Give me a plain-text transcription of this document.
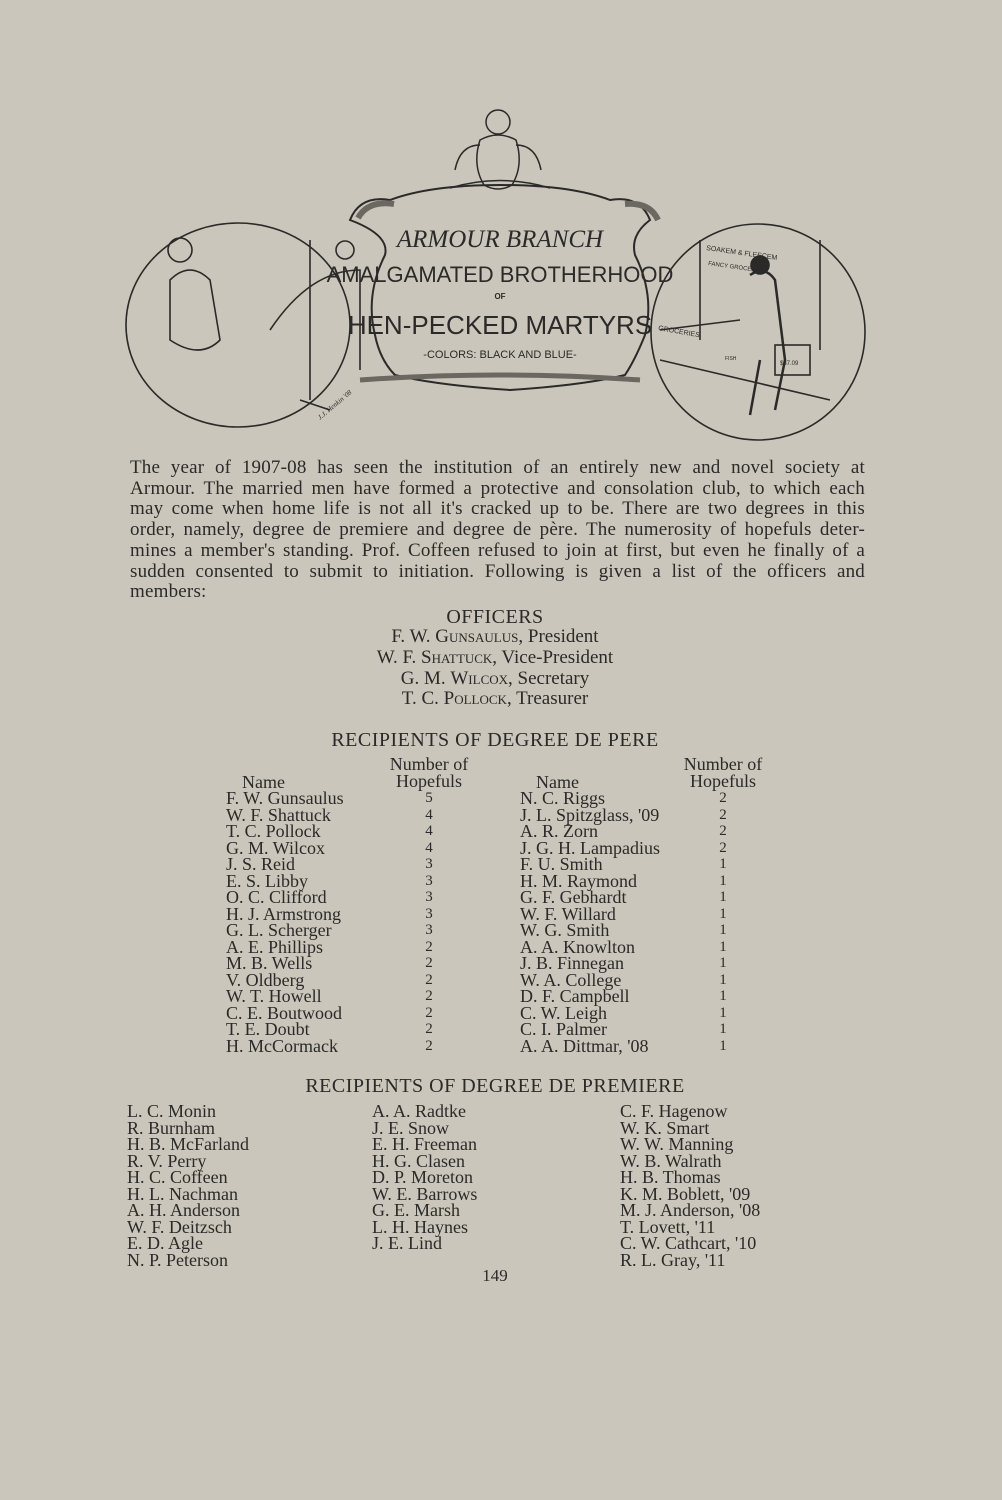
ARMOUR BRANCH
AMALGAMATED BROTHERHOOD
OF
HEN-PECKED MARTYRS
-COLORS: BLACK AND BLUE-
J.J. Henkin '08
SOAKEM & FLEECEM
FANCY GROCERIES
GROCERIES
$87.09
FISH
The year of 1907-08 has seen the institution of an entirely new and novel society at
Armour. The married men have formed a protective and consolation club, to which each
may come when home life is not all it's cracked up to be. There are two degrees in this
order, namely, degree de premiere and degree de père. The numerosity of hopefuls deter-
mines a member's standing. Prof. Coffeen refused to join at first, but even he finally of a
sudden consented to submit to initiation. Following is given a list of the officers and
members:
OFFICERS
F. W. Gunsaulus, President
W. F. Shattuck, Vice-President
G. M. Wilcox, Secretary
T. C. Pollock, Treasurer
RECIPIENTS OF DEGREE DE PERE
Number of
Hopefuls
Name
Number of
Hopefuls
Name
F. W. Gunsaulus	5
W. F. Shattuck	4
T. C. Pollock	4
G. M. Wilcox	4
J. S. Reid	3
E. S. Libby	3
O. C. Clifford	3
H. J. Armstrong	3
G. L. Scherger	3
A. E. Phillips	2
M. B. Wells	2
V. Oldberg	2
W. T. Howell	2
C. E. Boutwood	2
T. E. Doubt	2
H. McCormack	2
N. C. Riggs	2
J. L. Spitzglass, '09	2
A. R. Zorn	2
J. G. H. Lampadius	2
F. U. Smith	1
H. M. Raymond	1
G. F. Gebhardt	1
W. F. Willard	1
W. G. Smith	1
A. A. Knowlton	1
J. B. Finnegan	1
W. A. College	1
D. F. Campbell	1
C. W. Leigh	1
C. I. Palmer	1
A. A. Dittmar, '08	1
RECIPIENTS OF DEGREE DE PREMIERE
L. C. Monin
R. Burnham
H. B. McFarland
R. V. Perry
H. C. Coffeen
H. L. Nachman
A. H. Anderson
W. F. Deitzsch
E. D. Agle
N. P. Peterson
A. A. Radtke
J. E. Snow
E. H. Freeman
H. G. Clasen
D. P. Moreton
W. E. Barrows
G. E. Marsh
L. H. Haynes
J. E. Lind
C. F. Hagenow
W. K. Smart
W. W. Manning
W. B. Walrath
H. B. Thomas
K. M. Boblett, '09
M. J. Anderson, '08
T. Lovett, '11
C. W. Cathcart, '10
R. L. Gray, '11
149
